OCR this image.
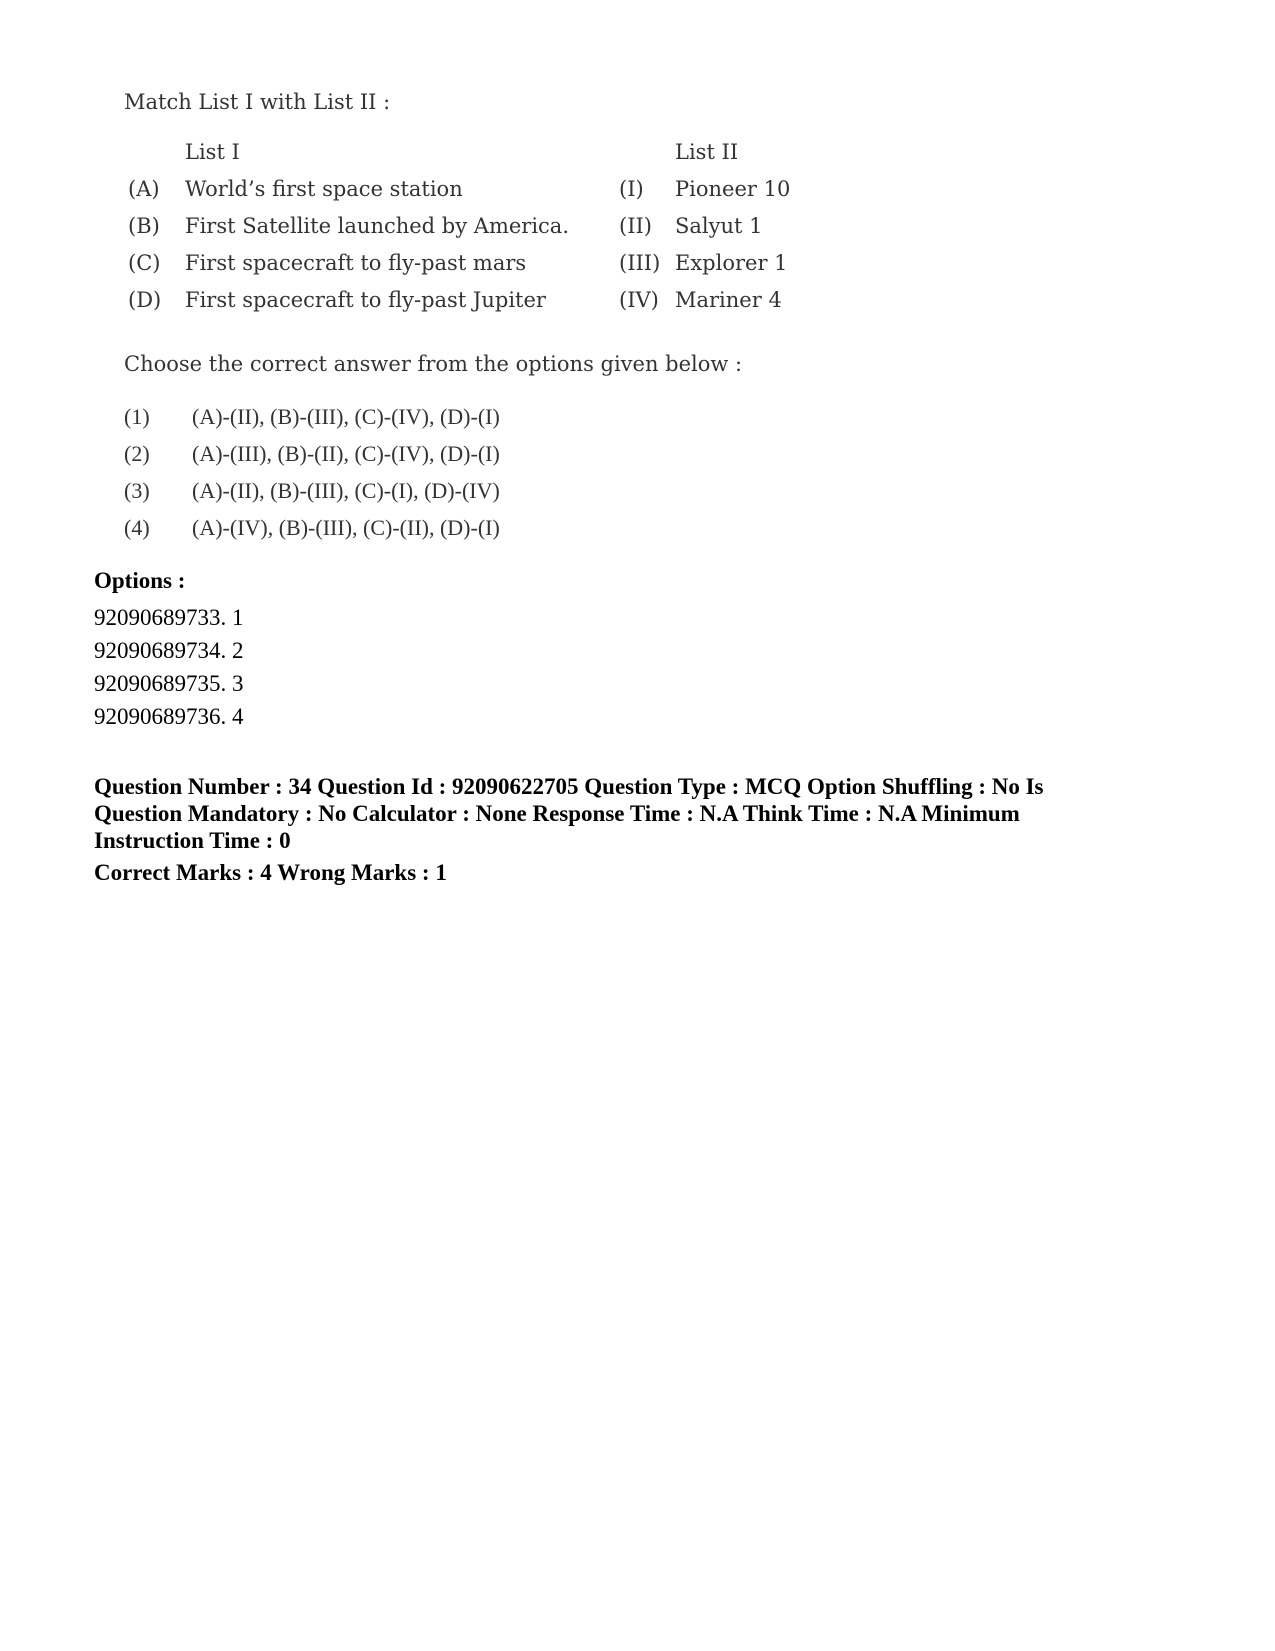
Match List I with List II :

List I	List II
(A) World’s first space station	(I) Pioneer 10
(B) First Satellite launched by America. (II) Salyut 1
(C) First spacecraft to fly-past mars	(III) Explorer 1
(D) First spacecraft to fly-past Jupiter	(IV) Mariner 4

Choose the correct answer from the options given below :

(1) (A)-(II), (B)-(III), (C)-(IV), (D)-(I)
(2) (A)-(III), (B)-(II), (C)-(IV), (D)-(I)
(3) (A)-(II), (B)-(III), (C)-(I), (D)-(IV)
(4) (A)-(IV), (B)-(III), (C)-(II), (D)-(I)
Options :
92090689733. 1
92090689734. 2
92090689735. 3
92090689736. 4

Question Number : 34 Question Id : 92090622705 Question Type : MCQ Option Shuffling : No Is Question Mandatory : No Calculator : None Response Time : N.A Think Time : N.A Minimum Instruction Time : 0

Correct Marks : 4 Wrong Marks : 1
